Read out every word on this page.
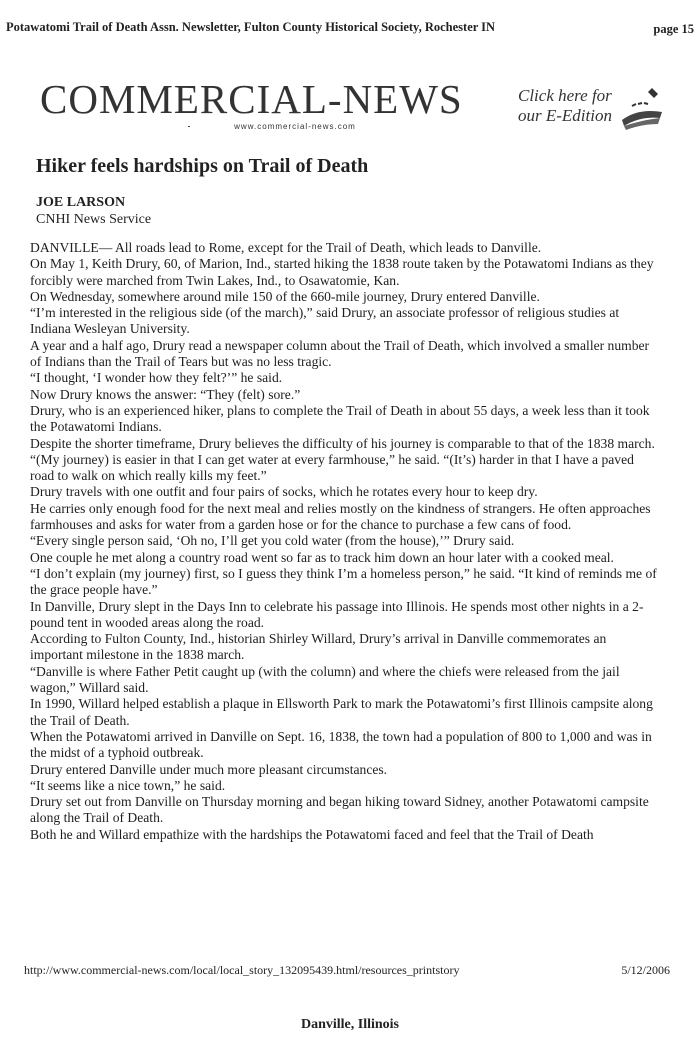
Potawatomi Trail of Death Assn. Newsletter, Fulton County Historical Society, Rochester IN	page 15
COMMERCIAL-NEWS
www.commercial-news.com
Click here for
our E-Edition
Hiker feels hardships on Trail of Death
JOE LARSON
CNHI News Service

DANVILLE— All roads lead to Rome, except for the Trail of Death, which leads to Danville.

On May 1, Keith Drury, 60, of Marion, Ind., started hiking the 1838 route taken by the Potawatomi Indians as they forcibly were marched from Twin Lakes, Ind., to Osawatomie, Kan.

On Wednesday, somewhere around mile 150 of the 660-mile journey, Drury entered Danville.

“I’m interested in the religious side (of the march),” said Drury, an associate professor of religious studies at Indiana Wesleyan University.

A year and a half ago, Drury read a newspaper column about the Trail of Death, which involved a smaller number of Indians than the Trail of Tears but was no less tragic.

“I thought, ‘I wonder how they felt?’” he said.

Now Drury knows the answer: “They (felt) sore.”

Drury, who is an experienced hiker, plans to complete the Trail of Death in about 55 days, a week less than it took the Potawatomi Indians.

Despite the shorter timeframe, Drury believes the difficulty of his journey is comparable to that of the 1838 march.

“(My journey) is easier in that I can get water at every farmhouse,” he said. “(It’s) harder in that I have a paved road to walk on which really kills my feet.”

Drury travels with one outfit and four pairs of socks, which he rotates every hour to keep dry.

He carries only enough food for the next meal and relies mostly on the kindness of strangers. He often approaches farmhouses and asks for water from a garden hose or for the chance to purchase a few cans of food.

“Every single person said, ‘Oh no, I’ll get you cold water (from the house),’” Drury said.

One couple he met along a country road went so far as to track him down an hour later with a cooked meal.

“I don’t explain (my journey) first, so I guess they think I’m a homeless person,” he said. “It kind of reminds me of the grace people have.”

In Danville, Drury slept in the Days Inn to celebrate his passage into Illinois. He spends most other nights in a 2-pound tent in wooded areas along the road.

According to Fulton County, Ind., historian Shirley Willard, Drury’s arrival in Danville commemorates an important milestone in the 1838 march.

“Danville is where Father Petit caught up (with the column) and where the chiefs were released from the jail wagon,” Willard said.

In 1990, Willard helped establish a plaque in Ellsworth Park to mark the Potawatomi’s first Illinois campsite along the Trail of Death.

When the Potawatomi arrived in Danville on Sept. 16, 1838, the town had a population of 800 to 1,000 and was in the midst of a typhoid outbreak.

Drury entered Danville under much more pleasant circumstances.

“It seems like a nice town,” he said.

Drury set out from Danville on Thursday morning and began hiking toward Sidney, another Potawatomi campsite along the Trail of Death.

Both he and Willard empathize with the hardships the Potawatomi faced and feel that the Trail of Death

http://www.commercial-news.com/local/local_story_132095439.html/resources_printstory	5/12/2006
Danville, Illinois
